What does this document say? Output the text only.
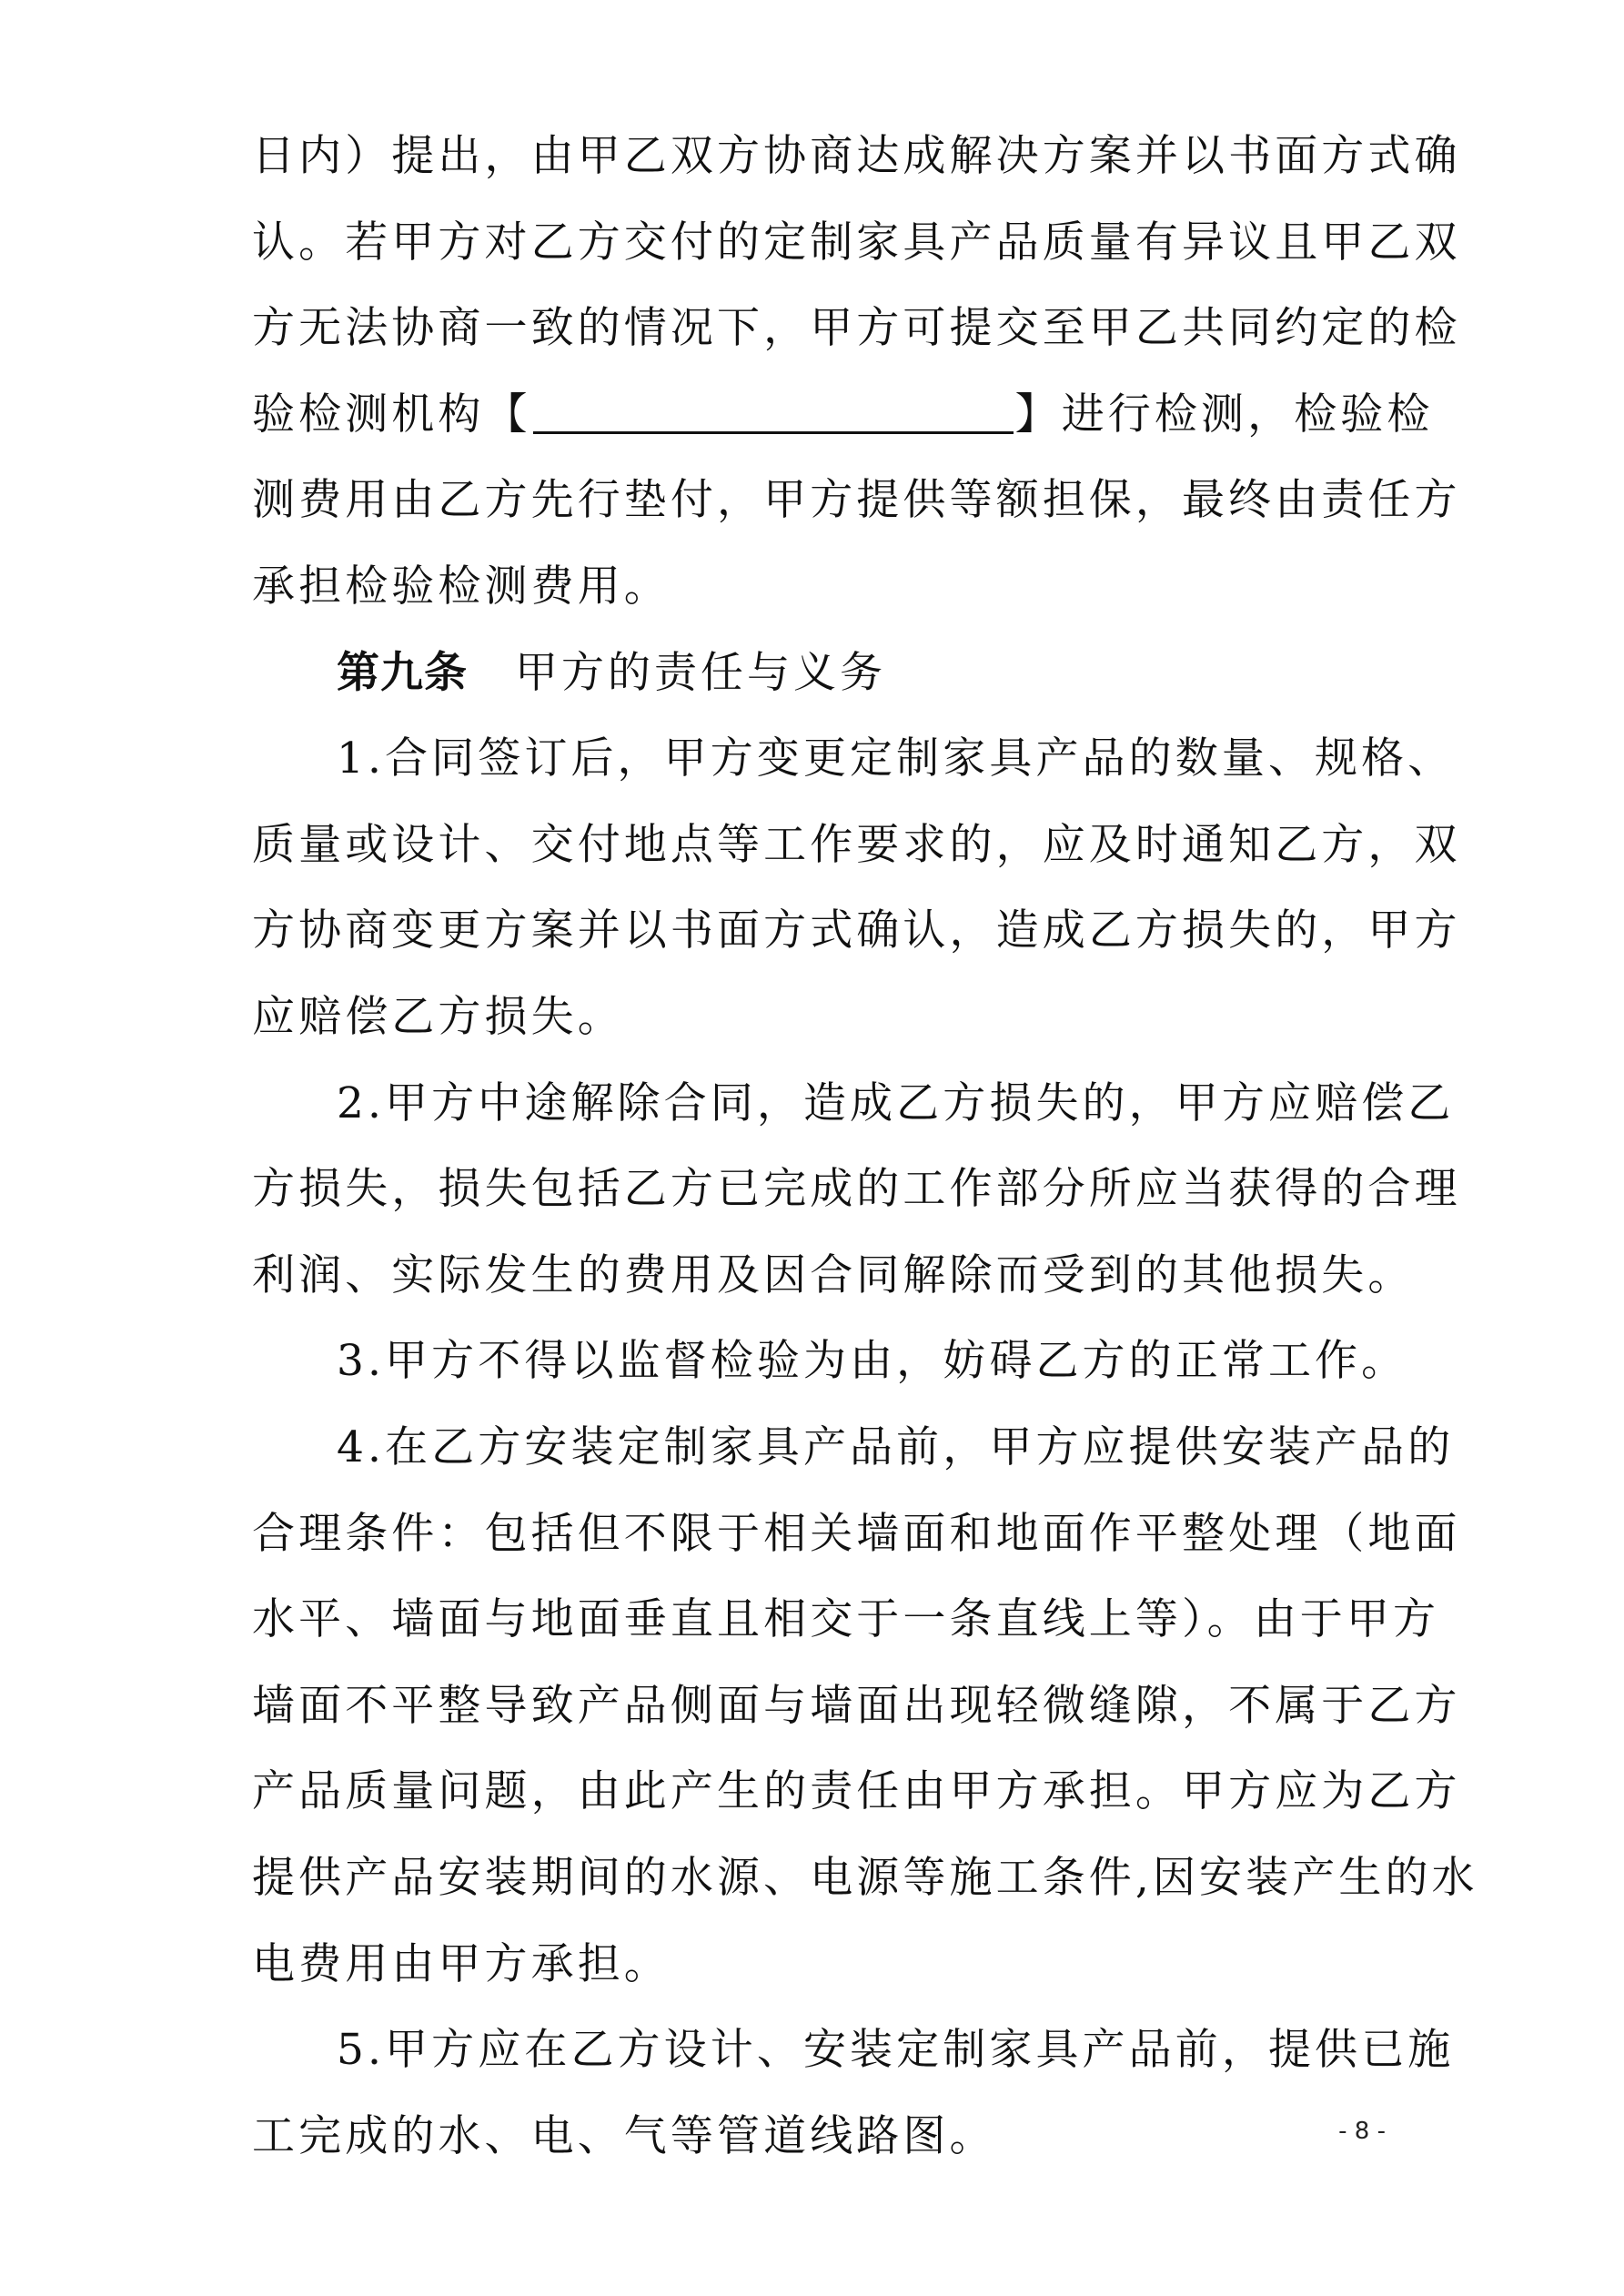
日内）提出，由甲乙双方协商达成解决方案并以书面方式确
认。若甲方对乙方交付的定制家具产品质量有异议且甲乙双
方无法协商一致的情况下，甲方可提交至甲乙共同约定的检
验检测机构【	】进行检测，检验检
测费用由乙方先行垫付，甲方提供等额担保，最终由责任方
承担检验检测费用。
第九条 甲方的责任与义务
1.合同签订后，甲方变更定制家具产品的数量、规格、
质量或设计、交付地点等工作要求的，应及时通知乙方，双
方协商变更方案并以书面方式确认，造成乙方损失的，甲方
应赔偿乙方损失。
2.甲方中途解除合同，造成乙方损失的，甲方应赔偿乙
方损失，损失包括乙方已完成的工作部分所应当获得的合理
利润、实际发生的费用及因合同解除而受到的其他损失。
3.甲方不得以监督检验为由，妨碍乙方的正常工作。
4.在乙方安装定制家具产品前，甲方应提供安装产品的
合理条件：包括但不限于相关墙面和地面作平整处理（地面
水平、墙面与地面垂直且相交于一条直线上等）。由于甲方
墙面不平整导致产品侧面与墙面出现轻微缝隙，不属于乙方
产品质量问题，由此产生的责任由甲方承担。甲方应为乙方
提供产品安装期间的水源、电源等施工条件,因安装产生的水
电费用由甲方承担。
5.甲方应在乙方设计、安装定制家具产品前，提供已施
工完成的水、电、气等管道线路图。	- 8 -
